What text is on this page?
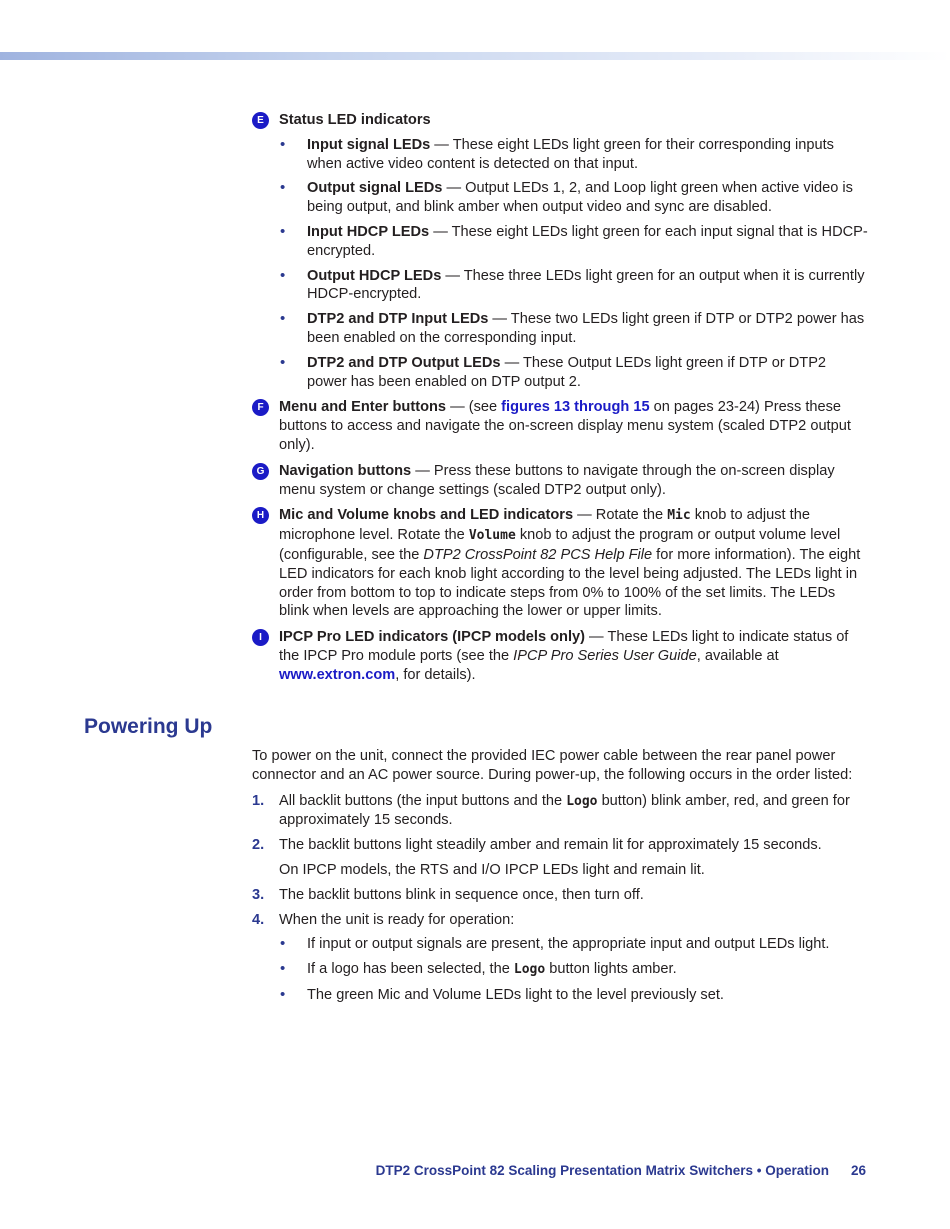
E	Status LED indicators
• Input signal LEDs — These eight LEDs light green for their corresponding inputs when active video content is detected on that input.
• Output signal LEDs — Output LEDs 1, 2, and Loop light green when active video is being output, and blink amber when output video and sync are disabled.
• Input HDCP LEDs — These eight LEDs light green for each input signal that is HDCP-encrypted.
• Output HDCP LEDs — These three LEDs light green for an output when it is currently HDCP-encrypted.
• DTP2 and DTP Input LEDs — These two LEDs light green if DTP or DTP2 power has been enabled on the corresponding input.
• DTP2 and DTP Output LEDs — These Output LEDs light green if DTP or DTP2 power has been enabled on DTP output 2.
F	Menu and Enter buttons — (see figures 13 through 15 on pages 23-24) Press these buttons to access and navigate the on-screen display menu system (scaled DTP2 output only).
G	Navigation buttons — Press these buttons to navigate through the on-screen display menu system or change settings (scaled DTP2 output only).
H	Mic and Volume knobs and LED indicators — Rotate the Mic knob to adjust the microphone level. Rotate the Volume knob to adjust the program or output volume level (configurable, see the DTP2 CrossPoint 82 PCS Help File for more information). The eight LED indicators for each knob light according to the level being adjusted. The LEDs light in order from bottom to top to indicate steps from 0% to 100% of the set limits. The LEDs blink when levels are approaching the lower or upper limits.
I	IPCP Pro LED indicators (IPCP models only) — These LEDs light to indicate status of the IPCP Pro module ports (see the IPCP Pro Series User Guide, available at www.extron.com, for details).
Powering Up
To power on the unit, connect the provided IEC power cable between the rear panel power connector and an AC power source. During power-up, the following occurs in the order listed:
1. All backlit buttons (the input buttons and the Logo button) blink amber, red, and green for approximately 15 seconds.
2. The backlit buttons light steadily amber and remain lit for approximately 15 seconds.
On IPCP models, the RTS and I/O IPCP LEDs light and remain lit.
3. The backlit buttons blink in sequence once, then turn off.
4. When the unit is ready for operation:
• If input or output signals are present, the appropriate input and output LEDs light.
• If a logo has been selected, the Logo button lights amber.
• The green Mic and Volume LEDs light to the level previously set.
DTP2 CrossPoint 82 Scaling Presentation Matrix Switchers • Operation 26
